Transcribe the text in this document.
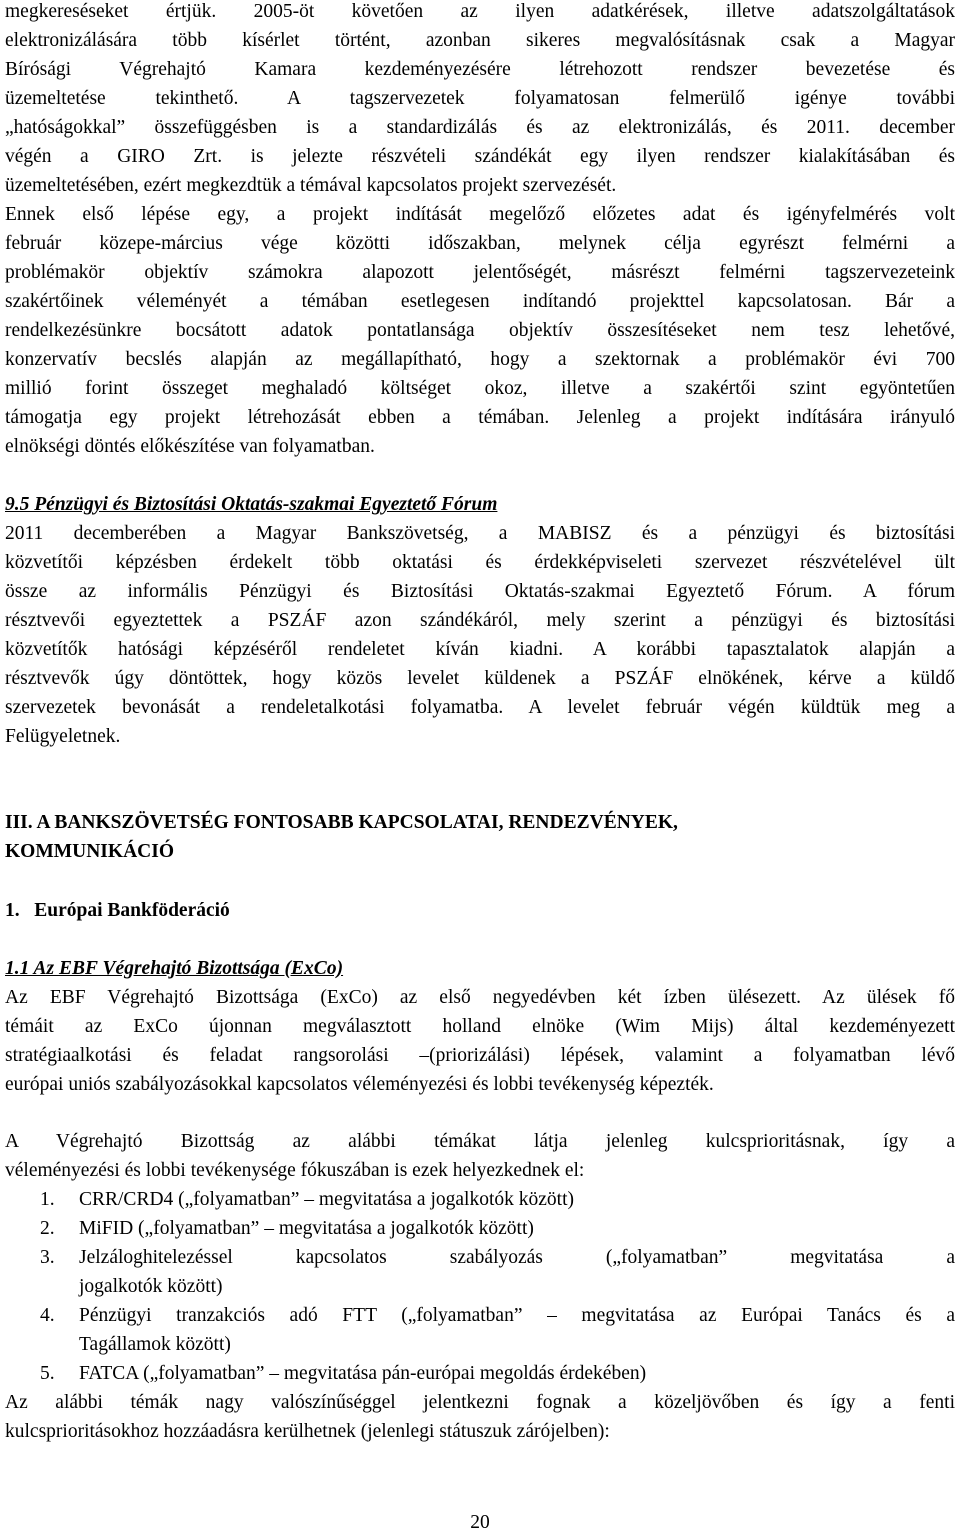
megkereséseket értjük. 2005-öt követően az ilyen adatkérések, illetve adatszolgáltatások
elektronizálására több kísérlet történt, azonban sikeres megvalósításnak csak a Magyar
Bírósági Végrehajtó Kamara kezdeményezésére létrehozott rendszer bevezetése és
üzemeltetése tekinthető. A tagszervezetek folyamatosan felmerülő igénye további
„hatóságokkal” összefüggésben is a standardizálás és az elektronizálás, és 2011. december
végén a GIRO Zrt. is jelezte részvételi szándékát egy ilyen rendszer kialakításában és
üzemeltetésében, ezért megkezdtük a témával kapcsolatos projekt szervezését.
Ennek első lépése egy, a projekt indítását megelőző előzetes adat és igényfelmérés volt
február közepe-március vége közötti időszakban, melynek célja egyrészt felmérni a
problémakör objektív számokra alapozott jelentőségét, másrészt felmérni tagszervezeteink
szakértőinek véleményét a témában esetlegesen indítandó projekttel kapcsolatosan. Bár a
rendelkezésünkre bocsátott adatok pontatlansága objektív összesítéseket nem tesz lehetővé,
konzervatív becslés alapján az megállapítható, hogy a szektornak a problémakör évi 700
millió forint összeget meghaladó költséget okoz, illetve a szakértői szint egyöntetűen
támogatja egy projekt létrehozását ebben a témában. Jelenleg a projekt indítására irányuló
elnökségi döntés előkészítése van folyamatban.
9.5 Pénzügyi és Biztosítási Oktatás-szakmai Egyeztető Fórum
2011 decemberében a Magyar Bankszövetség, a MABISZ és a pénzügyi és biztosítási
közvetítői képzésben érdekelt több oktatási és érdekképviseleti szervezet részvételével ült
össze az informális Pénzügyi és Biztosítási Oktatás-szakmai Egyeztető Fórum. A fórum
résztvevői egyeztettek a PSZÁF azon szándékáról, mely szerint a pénzügyi és biztosítási
közvetítők hatósági képzéséről rendeletet kíván kiadni. A korábbi tapasztalatok alapján a
résztvevők úgy döntöttek, hogy közös levelet küldenek a PSZÁF elnökének, kérve a küldő
szervezetek bevonását a rendeletalkotási folyamatba. A levelet február végén küldtük meg a
Felügyeletnek.
III. A BANKSZÖVETSÉG FONTOSABB KAPCSOLATAI, RENDEZVÉNYEK,
KOMMUNIKÁCIÓ
1.   Európai Bankföderáció
1.1 Az EBF Végrehajtó Bizottsága (ExCo)
Az EBF Végrehajtó Bizottsága (ExCo) az első negyedévben két ízben ülésezett. Az ülések fő
témáit az ExCo újonnan megválasztott holland elnöke (Wim Mijs) által kezdeményezett
stratégiaalkotási és feladat rangsorolási –(priorizálási) lépések, valamint a folyamatban lévő
európai uniós szabályozásokkal kapcsolatos véleményezési és lobbi tevékenység képezték.
A Végrehajtó Bizottság az alábbi témákat látja jelenleg kulcsprioritásnak, így a
véleményezési és lobbi tevékenysége fókuszában is ezek helyezkednek el:
1. CRR/CRD4 („folyamatban” – megvitatása a jogalkotók között)
2. MiFID („folyamatban” – megvitatása a jogalkotók között)
3. Jelzáloghitelezéssel kapcsolatos szabályozás („folyamatban” megvitatása a
jogalkotók között)
4. Pénzügyi tranzakciós adó FTT („folyamatban” – megvitatása az Európai Tanács és a
Tagállamok között)
5. FATCA („folyamatban” – megvitatása pán-európai megoldás érdekében)
Az alábbi témák nagy valószínűséggel jelentkezni fognak a közeljövőben és így a fenti
kulcsprioritásokhoz hozzáadásra kerülhetnek (jelenlegi státuszuk zárójelben):
20
